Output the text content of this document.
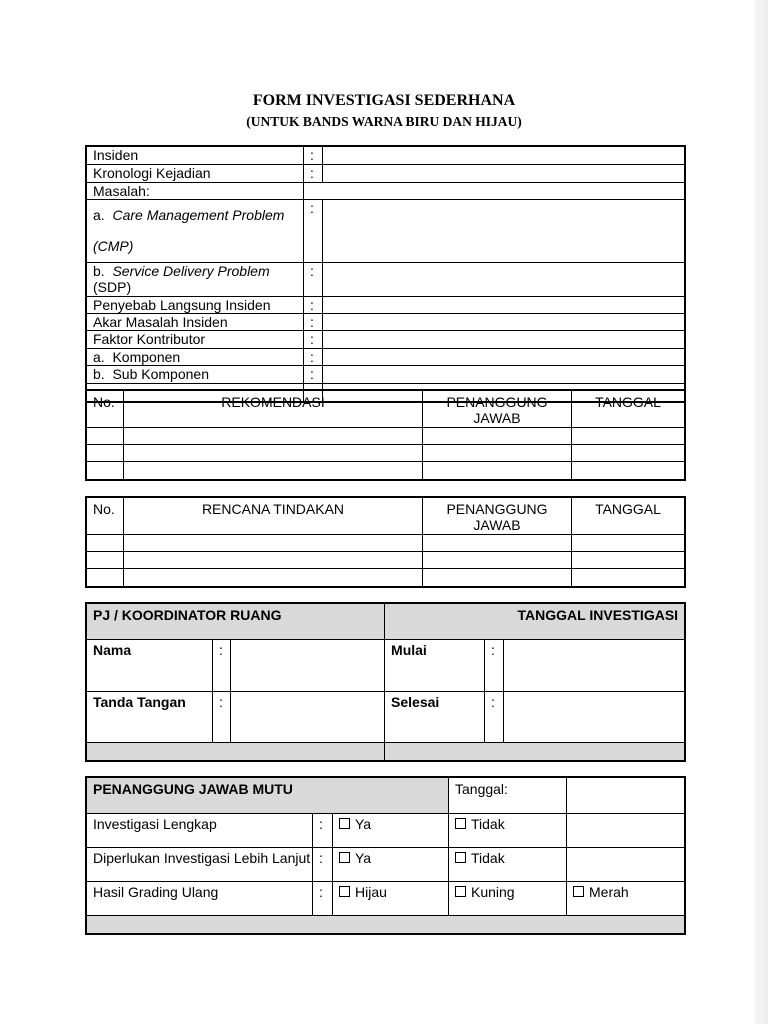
FORM INVESTIGASI SEDERHANA
(UNTUK BANDS WARNA BIRU DAN HIJAU)
Insiden	:	
Kronologi Kejadian	:	
Masalah:		
a. Care Management Problem (CMP)	:	
b. Service Delivery Problem
(SDP)	:	
Penyebab Langsung Insiden	:	
Akar Masalah Insiden	:	
Faktor Kontributor	:	
a. Komponen	:	
b. Sub Komponen	:	

No.	REKOMENDASI	PENANGGUNG JAWAB	TANGGAL

No.	RENCANA TINDAKAN	PENANGGUNG JAWAB	TANGGAL

PJ / KOORDINATOR RUANG			TANGGAL INVESTIGASI		
Nama	:		Mulai	:	
Tanda Tangan	:		Selesai	:	

PENANGGUNG JAWAB MUTU			Tanggal:	
Investigasi Lengkap	:	Ya	Tidak	
Diperlukan Investigasi Lebih Lanjut	:	Ya	Tidak	
Hasil Grading Ulang	:	Hijau	Kuning	Merah
